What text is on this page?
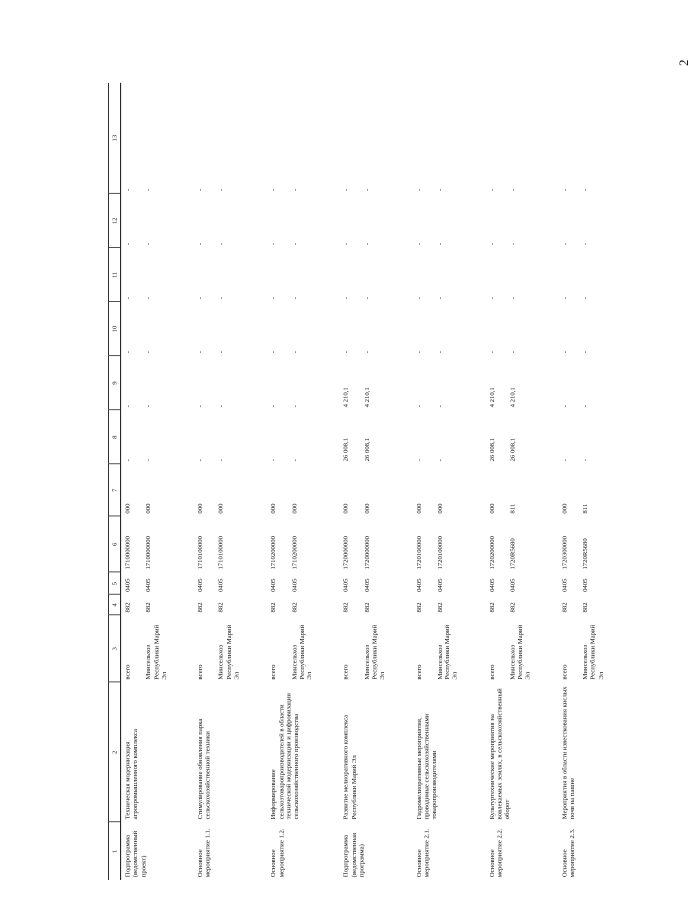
2
1	2	3	4	5	6	7	8	9	10	11	12	13
Подпрограмма (ведомственный проект)	Техническая модернизация агропромышленного комплекса	всего Минсельхоз Республики Марий Эл	882 882	0405 0405	1710000000 1710000000	000 000	- -	- -	- -	- -	- -	- -

Основное мероприятие 1.1.	Стимулирование обновления парка сельскохозяйственной техники	всего Минсельхоз Республики Марий Эл	882 882	0405 0405	1710100000 1710100000	000 000	- -	- -	- -	- -	- -	- -

Основное мероприятие 1.2.	Информирование сельхозтоваропроизводителей в области технической модернизации и цифровизации сельскохозяйственного производства	всего Минсельхоз Республики Марий Эл	882 882	0405 0405	1710200000 1710200000	000 000	- -	- -	- -	- -	- -	- -

Подпрограмма (ведомственная программа)	Развитие мелиоративного комплекса Республики Марий Эл	всего Минсельхоз Республики Марий Эл	882 882	0405 0405	1720000000 1720000000	000 000	26 008,1 26 008,1	4 210,1 4 210,1	- -	- -	- -	- -

Основное мероприятие 2.1.	Гидромелиоративные мероприятия, проводимые сельскохозяйственными товаропроизводителями	всего Минсельхоз Республики Марий Эл	882 882	0405 0405	1720100000 1720100000	000 000	- -	- -	- -	- -	- -	- -

Основное мероприятие 2.2.	Культуртехнические мероприятия на вовлекаемых землях, в сельскохозяйственный оборот	всего Минсельхоз Республики Марий Эл	882 882	0405 0405	1720200000 1720R5680	000 811	26 008,1 26 008,1	4 210,1 4 210,1	- -	- -	- -	- -

Основное мероприятие 2.3.	Мероприятия в области известкования кислых почв на пашне	всего Минсельхоз Республики Марий Эл	882 882	0405 0405	1720300000 1720R5680	000 811	- -	- -	- -	- -	- -	- -
